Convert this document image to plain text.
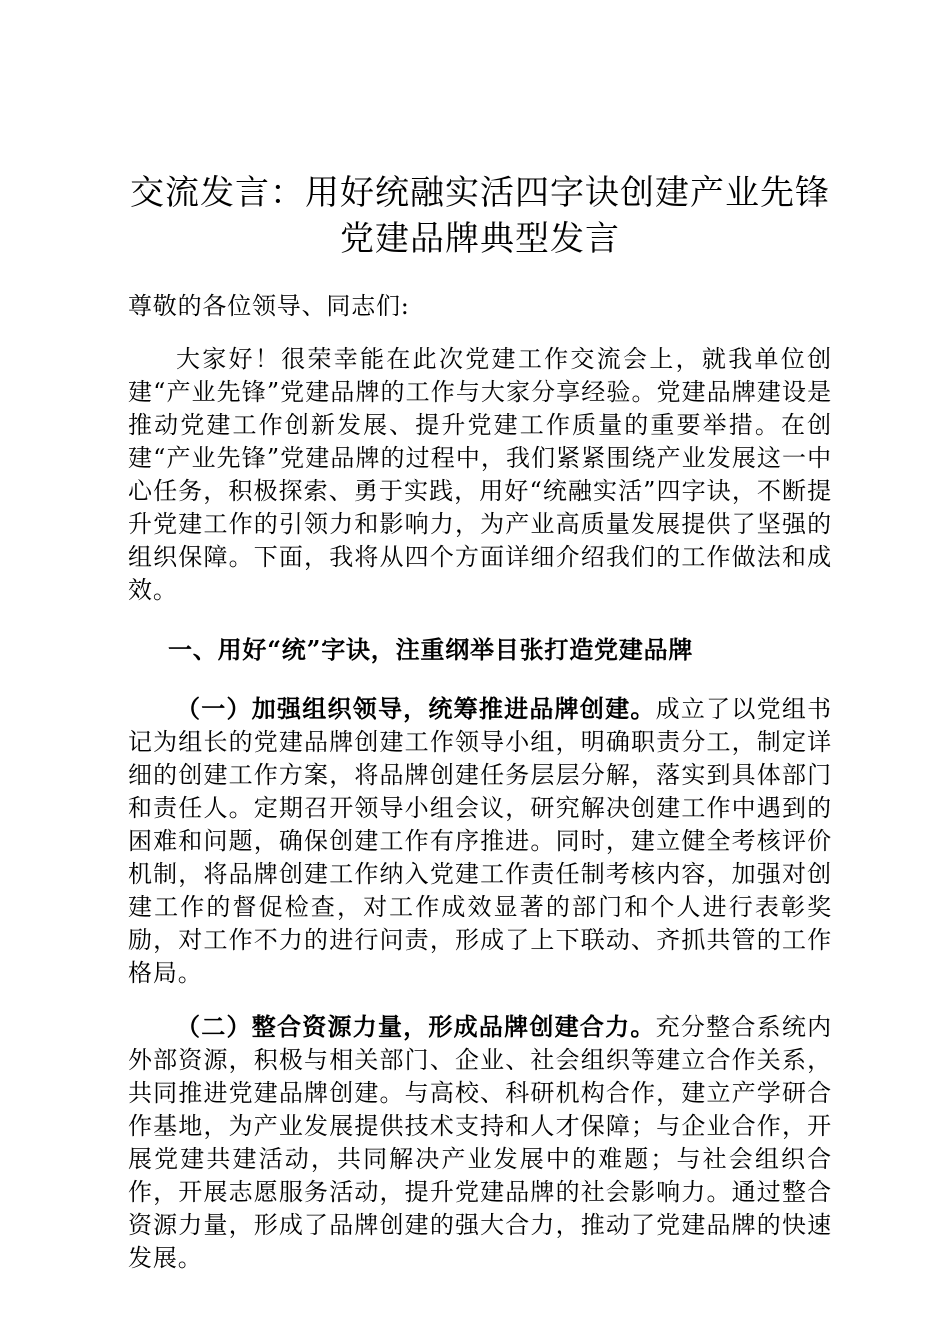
交流发言：用好统融实活四字诀创建产业先锋
党建品牌典型发言

尊敬的各位领导、同志们:

大家好！很荣幸能在此次党建工作交流会上，就我单位创建“产业先锋”党建品牌的工作与大家分享经验。党建品牌建设是推动党建工作创新发展、提升党建工作质量的重要举措。在创建“产业先锋”党建品牌的过程中，我们紧紧围绕产业发展这一中心任务，积极探索、勇于实践，用好“统融实活”四字诀，不断提升党建工作的引领力和影响力，为产业高质量发展提供了坚强的组织保障。下面，我将从四个方面详细介绍我们的工作做法和成效。

一、用好“统”字诀，注重纲举目张打造党建品牌

（一）加强组织领导，统筹推进品牌创建。成立了以党组书记为组长的党建品牌创建工作领导小组，明确职责分工，制定详细的创建工作方案，将品牌创建任务层层分解，落实到具体部门和责任人。定期召开领导小组会议，研究解决创建工作中遇到的困难和问题，确保创建工作有序推进。同时，建立健全考核评价机制，将品牌创建工作纳入党建工作责任制考核内容，加强对创建工作的督促检查，对工作成效显著的部门和个人进行表彰奖励，对工作不力的进行问责，形成了上下联动、齐抓共管的工作格局。

（二）整合资源力量，形成品牌创建合力。充分整合系统内外部资源，积极与相关部门、企业、社会组织等建立合作关系，共同推进党建品牌创建。与高校、科研机构合作，建立产学研合作基地，为产业发展提供技术支持和人才保障；与企业合作，开展党建共建活动，共同解决产业发展中的难题；与社会组织合作，开展志愿服务活动，提升党建品牌的社会影响力。通过整合资源力量，形成了品牌创建的强大合力，推动了党建品牌的快速发展。
